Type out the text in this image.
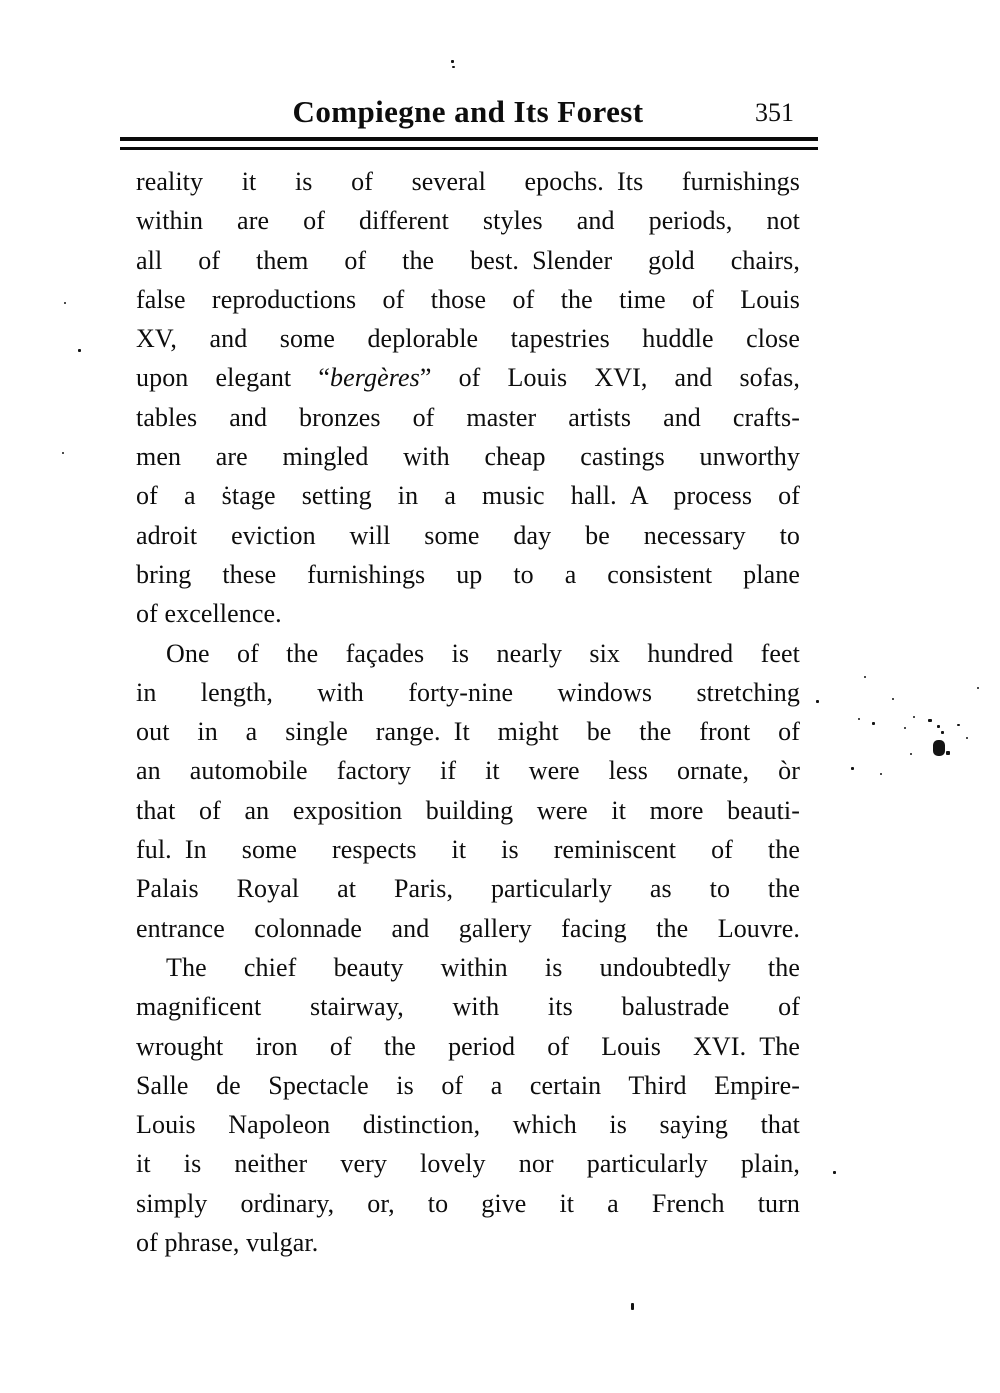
Compiegne and Its Forest	351
reality it is of several epochs. Its furnishings
within are of different styles and periods, not
all of them of the best. Slender gold chairs,
false reproductions of those of the time of Louis
XV, and some deplorable tapestries huddle close
upon elegant “bergères” of Louis XVI, and sofas,
tables and bronzes of master artists and crafts-
men are mingled with cheap castings unworthy
of a ṡtage setting in a music hall. A process of
adroit eviction will some day be necessary to
bring these furnishings up to a consistent plane
of excellence.
One of the façades is nearly six hundred feet
in length, with forty-nine windows stretching
out in a single range. It might be the front of
an automobile factory if it were less ornate, òr
that of an exposition building were it more beauti-
ful. In some respects it is reminiscent of the
Palais Royal at Paris, particularly as to the
entrance colonnade and gallery facing the Louvre.
The chief beauty within is undoubtedly the
magnificent stairway, with its balustrade of
wrought iron of the period of Louis XVI. The
Salle de Spectacle is of a certain Third Empire-
Louis Napoleon distinction, which is saying that
it is neither very lovely nor particularly plain,
simply ordinary, or, to give it a French turn
of phrase, vulgar.
